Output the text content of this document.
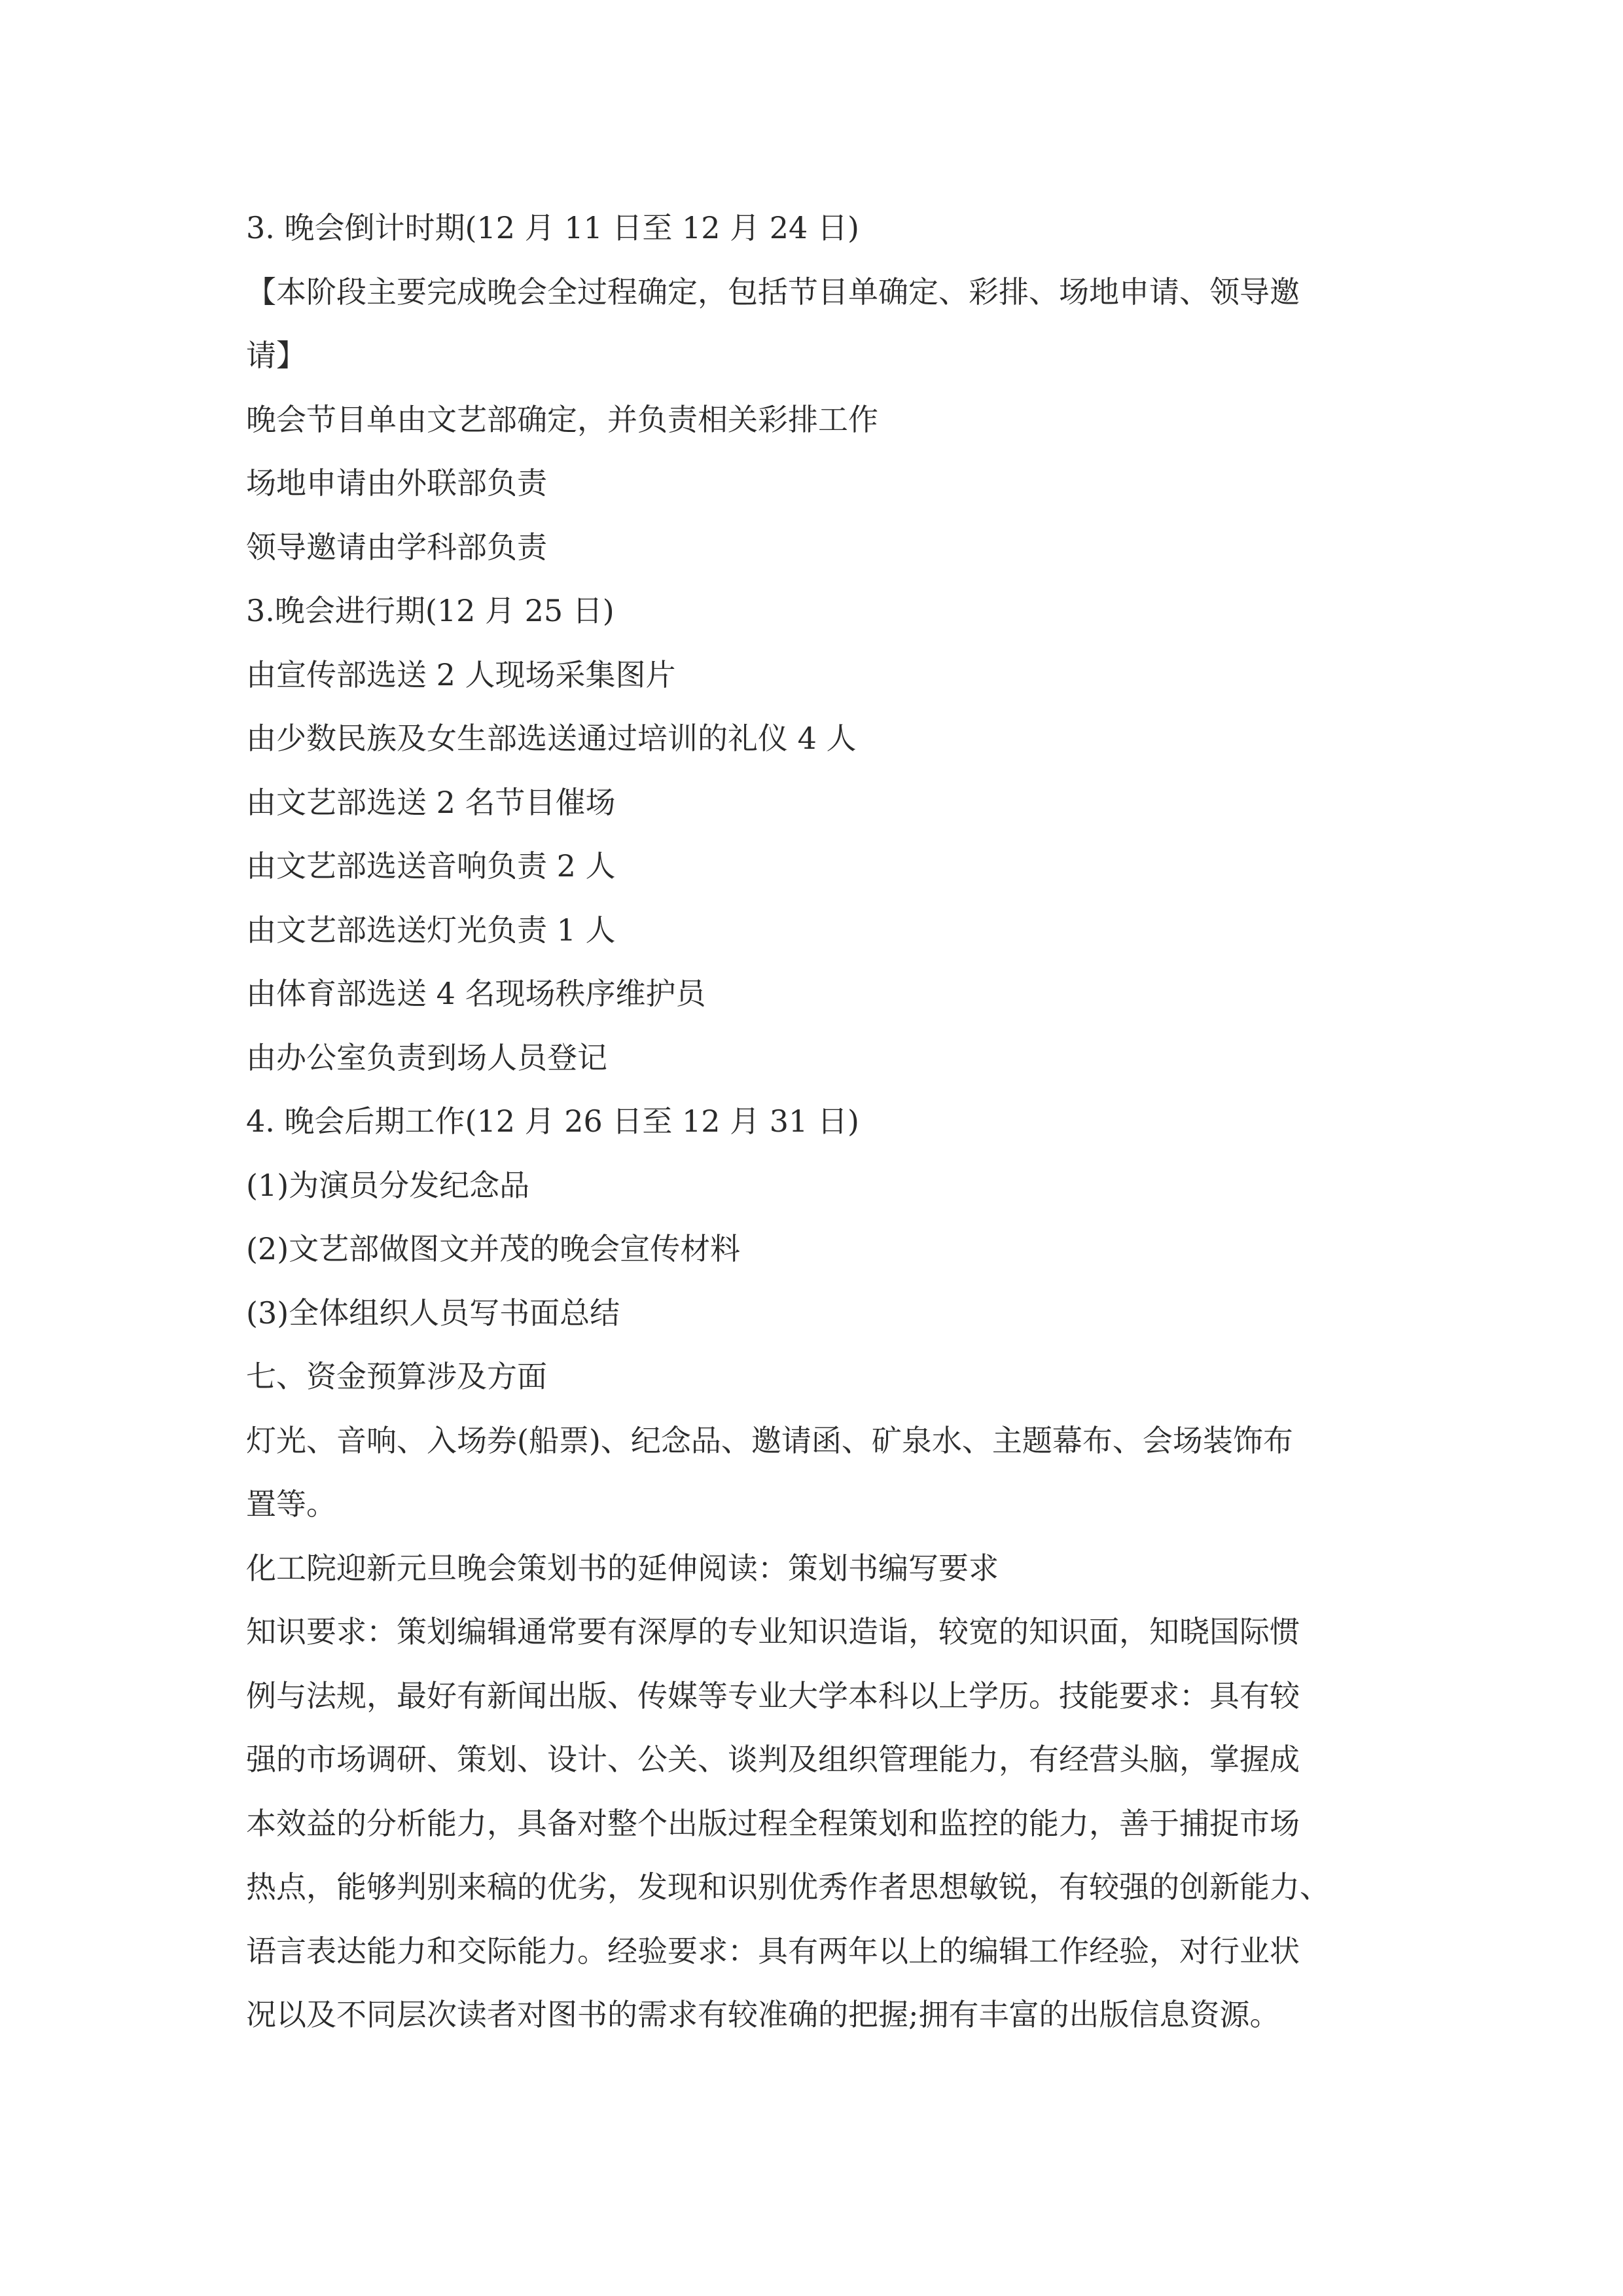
3. 晚会倒计时期(12 月 11 日至 12 月 24 日)
【本阶段主要完成晚会全过程确定，包括节目单确定、彩排、场地申请、领导邀
请】
晚会节目单由文艺部确定，并负责相关彩排工作
场地申请由外联部负责
领导邀请由学科部负责
3.晚会进行期(12 月 25 日)
由宣传部选送 2 人现场采集图片
由少数民族及女生部选送通过培训的礼仪 4 人
由文艺部选送 2 名节目催场
由文艺部选送音响负责 2 人
由文艺部选送灯光负责 1 人
由体育部选送 4 名现场秩序维护员
由办公室负责到场人员登记
4. 晚会后期工作(12 月 26 日至 12 月 31 日)
(1)为演员分发纪念品
(2)文艺部做图文并茂的晚会宣传材料
(3)全体组织人员写书面总结
七、资金预算涉及方面
灯光、音响、入场券(船票)、纪念品、邀请函、矿泉水、主题幕布、会场装饰布
置等。
化工院迎新元旦晚会策划书的延伸阅读：策划书编写要求
知识要求：策划编辑通常要有深厚的专业知识造诣，较宽的知识面，知晓国际惯
例与法规，最好有新闻出版、传媒等专业大学本科以上学历。技能要求：具有较
强的市场调研、策划、设计、公关、谈判及组织管理能力，有经营头脑，掌握成
本效益的分析能力，具备对整个出版过程全程策划和监控的能力，善于捕捉市场
热点，能够判别来稿的优劣，发现和识别优秀作者思想敏锐，有较强的创新能力、
语言表达能力和交际能力。经验要求：具有两年以上的编辑工作经验，对行业状
况以及不同层次读者对图书的需求有较准确的把握;拥有丰富的出版信息资源。
